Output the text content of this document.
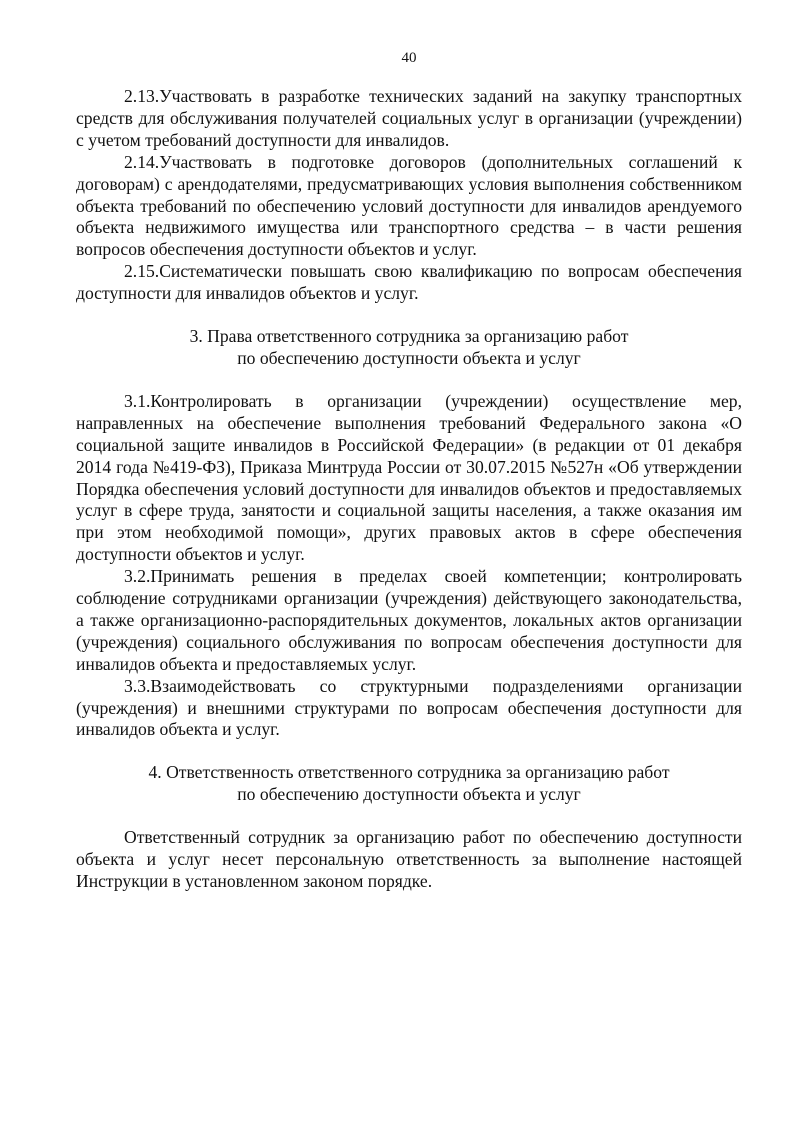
40

2.13.Участвовать в разработке технических заданий на закупку транспортных средств для обслуживания получателей социальных услуг в организации (учреждении) с учетом требований доступности для инвалидов.

2.14.Участвовать в подготовке договоров (дополнительных соглашений к договорам) с арендодателями, предусматривающих условия выполнения собственником объекта требований по обеспечению условий доступности для инвалидов арендуемого объекта недвижимого имущества или транспортного средства – в части решения вопросов обеспечения доступности объектов и услуг.

2.15.Систематически повышать свою квалификацию по вопросам обеспечения доступности для инвалидов объектов и услуг.

3. Права ответственного сотрудника за организацию работ
по обеспечению доступности объекта и услуг

3.1.Контролировать в организации (учреждении) осуществление мер, направленных на обеспечение выполнения требований Федерального закона «О социальной защите инвалидов в Российской Федерации» (в редакции от 01 декабря 2014 года №419-ФЗ), Приказа Минтруда России от 30.07.2015 №527н «Об утверждении Порядка обеспечения условий доступности для инвалидов объектов и предоставляемых услуг в сфере труда, занятости и социальной защиты населения, а также оказания им при этом необходимой помощи», других правовых актов в сфере обеспечения доступности объектов и услуг.

3.2.Принимать решения в пределах своей компетенции; контролировать соблюдение сотрудниками организации (учреждения) действующего законодательства, а также организационно-распорядительных документов, локальных актов организации (учреждения) социального обслуживания по вопросам обеспечения доступности для инвалидов объекта и предоставляемых услуг.

3.3.Взаимодействовать со структурными подразделениями организации (учреждения) и внешними структурами по вопросам обеспечения доступности для инвалидов объекта и услуг.

4. Ответственность ответственного сотрудника за организацию работ
по обеспечению доступности объекта и услуг

Ответственный сотрудник за организацию работ по обеспечению доступности объекта и услуг несет персональную ответственность за выполнение настоящей Инструкции в установленном законом порядке.
